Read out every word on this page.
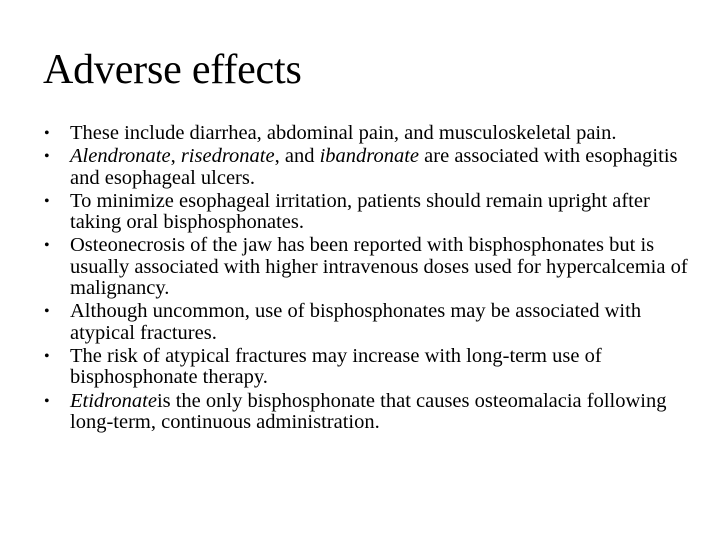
Adverse effects
• These include diarrhea, abdominal pain, and musculoskeletal pain.
• Alendronate, risedronate, and ibandronate are associated with esophagitis and esophageal ulcers.
• To minimize esophageal irritation, patients should remain upright after taking oral bisphosphonates.
• Osteonecrosis of the jaw has been reported with bisphosphonates but is usually associated with higher intravenous doses used for hypercalcemia of malignancy.
• Although uncommon, use of bisphosphonates may be associated with atypical fractures.
• The risk of atypical fractures may increase with long-term use of bisphosphonate therapy.
• Etidronateis the only bisphosphonate that causes osteomalacia following long-term, continuous administration.
